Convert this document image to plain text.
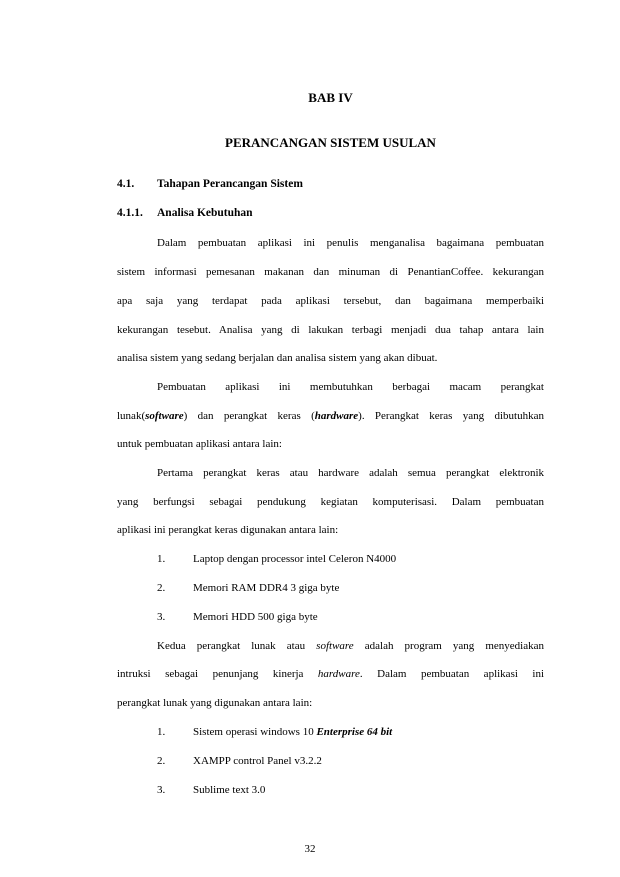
BAB IV
PERANCANGAN SISTEM USULAN
4.1. Tahapan Perancangan Sistem
4.1.1. Analisa Kebutuhan
Dalam pembuatan aplikasi ini penulis menganalisa bagaimana pembuatan
sistem informasi pemesanan makanan dan minuman di PenantianCoffee. kekurangan
apa saja yang terdapat pada aplikasi tersebut, dan bagaimana memperbaiki
kekurangan tesebut. Analisa yang di lakukan terbagi menjadi dua tahap antara lain
analisa sistem yang sedang berjalan dan analisa sistem yang akan dibuat.
Pembuatan aplikasi ini membutuhkan berbagai macam perangkat
lunak(software) dan perangkat keras (hardware). Perangkat keras yang dibutuhkan
untuk pembuatan aplikasi antara lain:
Pertama perangkat keras atau hardware adalah semua perangkat elektronik
yang berfungsi sebagai pendukung kegiatan komputerisasi. Dalam pembuatan
aplikasi ini perangkat keras digunakan antara lain:
1.	Laptop dengan processor intel Celeron N4000
2.	Memori RAM DDR4 3 giga byte
3.	Memori HDD 500 giga byte
Kedua perangkat lunak atau software adalah program yang menyediakan
intruksi sebagai penunjang kinerja hardware. Dalam pembuatan aplikasi ini
perangkat lunak yang digunakan antara lain:
1.	Sistem operasi windows 10 Enterprise 64 bit
2.	XAMPP control Panel v3.2.2
3.	Sublime text 3.0
32
